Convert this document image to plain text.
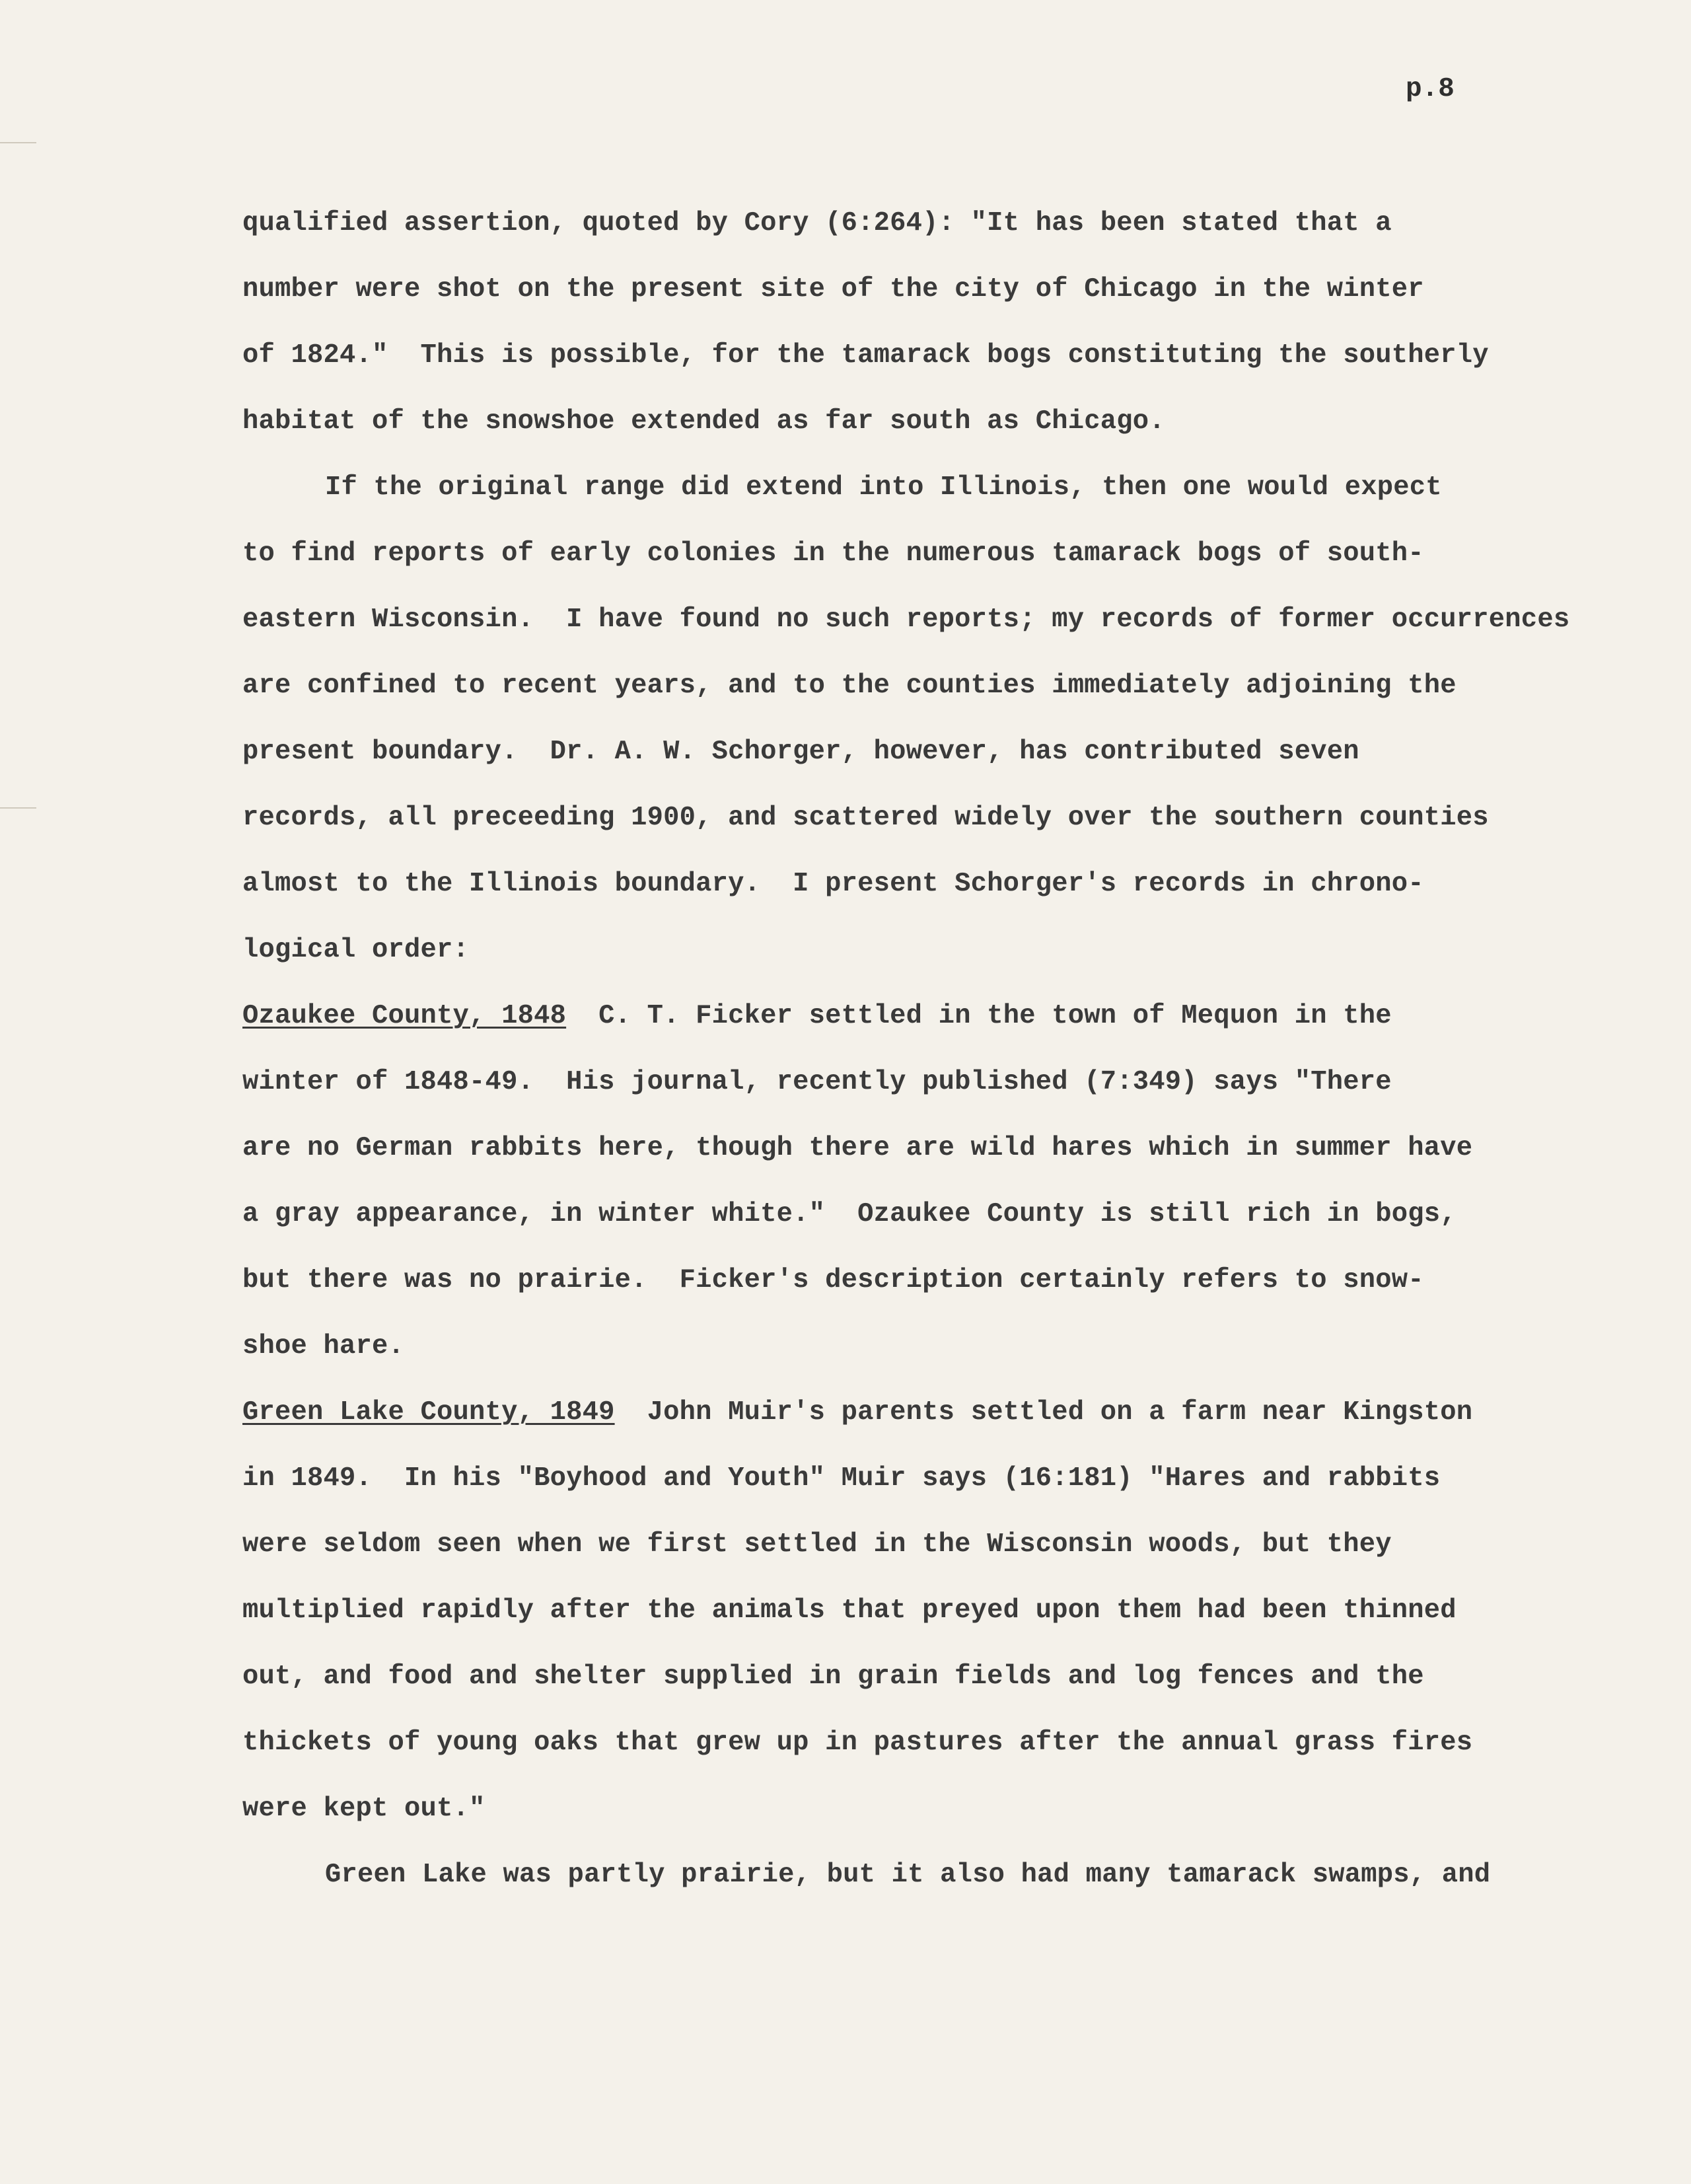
p.8
qualified assertion, quoted by Cory (6:264): "It has been stated that a
number were shot on the present site of the city of Chicago in the winter
of 1824."  This is possible, for the tamarack bogs constituting the southerly
habitat of the snowshoe extended as far south as Chicago.
If the original range did extend into Illinois, then one would expect
to find reports of early colonies in the numerous tamarack bogs of south-
eastern Wisconsin.  I have found no such reports; my records of former occurrences
are confined to recent years, and to the counties immediately adjoining the
present boundary.  Dr. A. W. Schorger, however, has contributed seven
records, all preceeding 1900, and scattered widely over the southern counties
almost to the Illinois boundary.  I present Schorger's records in chrono-
logical order:
Ozaukee County, 1848 C. T. Ficker settled in the town of Mequon in the
winter of 1848-49.  His journal, recently published (7:349) says "There
are no German rabbits here, though there are wild hares which in summer have
a gray appearance, in winter white."  Ozaukee County is still rich in bogs,
but there was no prairie.  Ficker's description certainly refers to snow-
shoe hare.
Green Lake County, 1849 John Muir's parents settled on a farm near Kingston
in 1849.  In his "Boyhood and Youth" Muir says (16:181) "Hares and rabbits
were seldom seen when we first settled in the Wisconsin woods, but they
multiplied rapidly after the animals that preyed upon them had been thinned
out, and food and shelter supplied in grain fields and log fences and the
thickets of young oaks that grew up in pastures after the annual grass fires
were kept out."
Green Lake was partly prairie, but it also had many tamarack swamps, and
